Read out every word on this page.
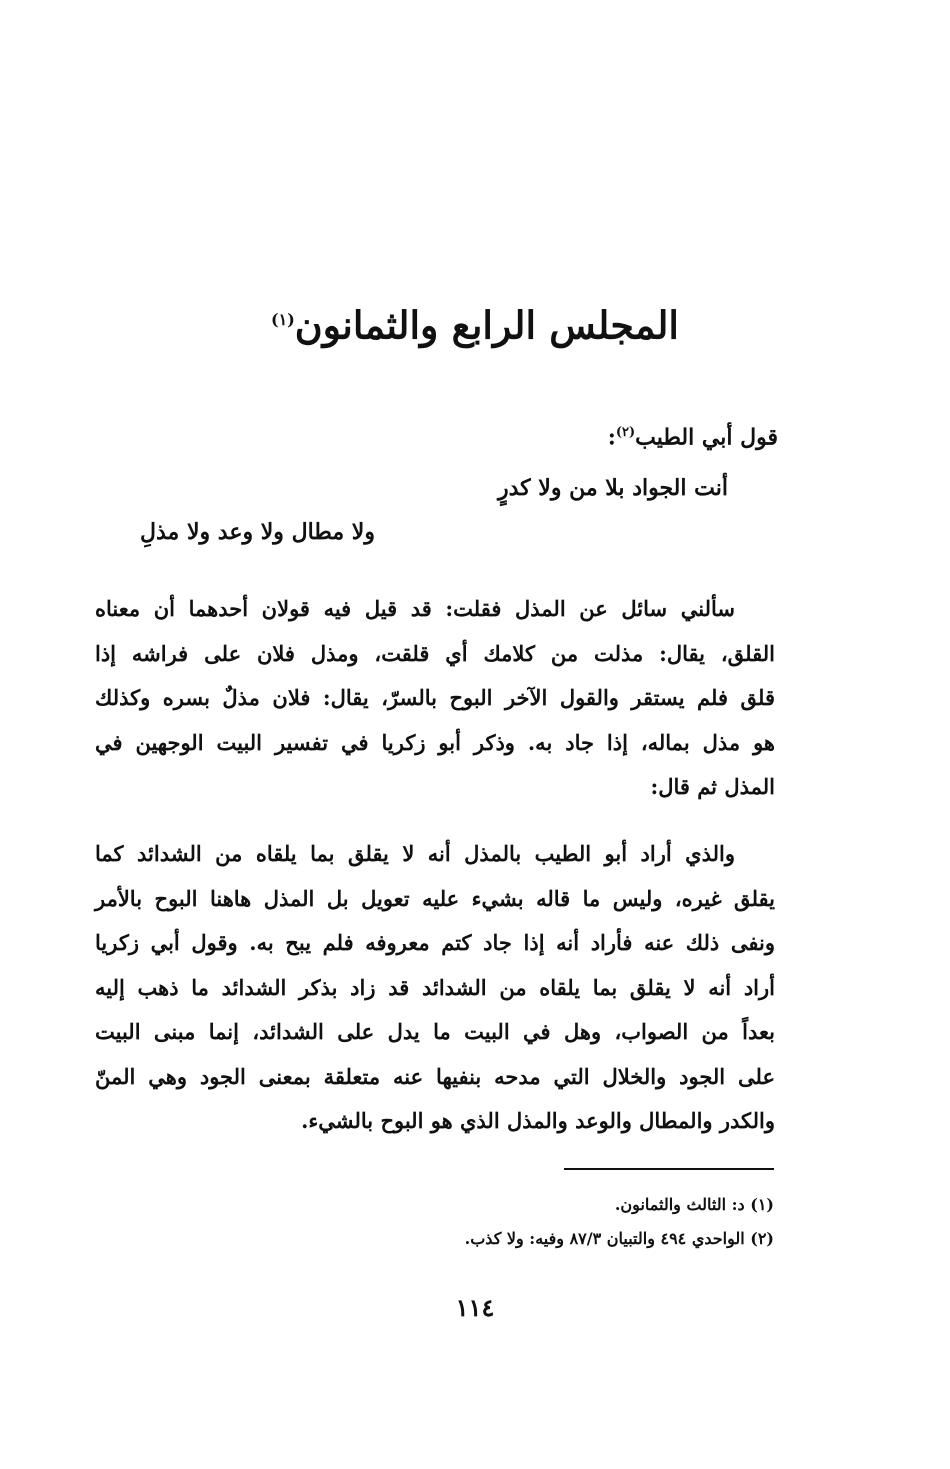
المجلس الرابع والثمانون$^{(١)}$
قول أبي الطيب$^{(٢)}$:
أنت الجواد بلا من ولا كدرٍ
ولا مطال ولا وعد ولا مذلِ
سألني سائل عن المذل فقلت: قد قيل فيه قولان أحدهما أن معناه
القلق، يقال: مذلت من كلامك أي قلقت، ومذل فلان على فراشه إذا
قلق فلم يستقر والقول الآخر البوح بالسرّ، يقال: فلان مذلٌ بسره وكذلك
هو مذل بماله، إذا جاد به. وذكر أبو زكريا في تفسير البيت الوجهين في
المذل ثم قال:
والذي أراد أبو الطيب بالمذل أنه لا يقلق بما يلقاه من الشدائد كما
يقلق غيره، وليس ما قاله بشيء عليه تعويل بل المذل هاهنا البوح بالأمر
ونفى ذلك عنه فأراد أنه إذا جاد كتم معروفه فلم يبح به. وقول أبي زكريا
أراد أنه لا يقلق بما يلقاه من الشدائد قد زاد بذكر الشدائد ما ذهب إليه
بعداً من الصواب، وهل في البيت ما يدل على الشدائد، إنما مبنى البيت
على الجود والخلال التي مدحه بنفيها عنه متعلقة بمعنى الجود وهي المنّ
والكدر والمطال والوعد والمذل الذي هو البوح بالشيء.
(١) د: الثالث والثمانون.
(٢) الواحدي ٤٩٤ والتبيان ٨٧/٣ وفيه: ولا كذب.
١١٤
